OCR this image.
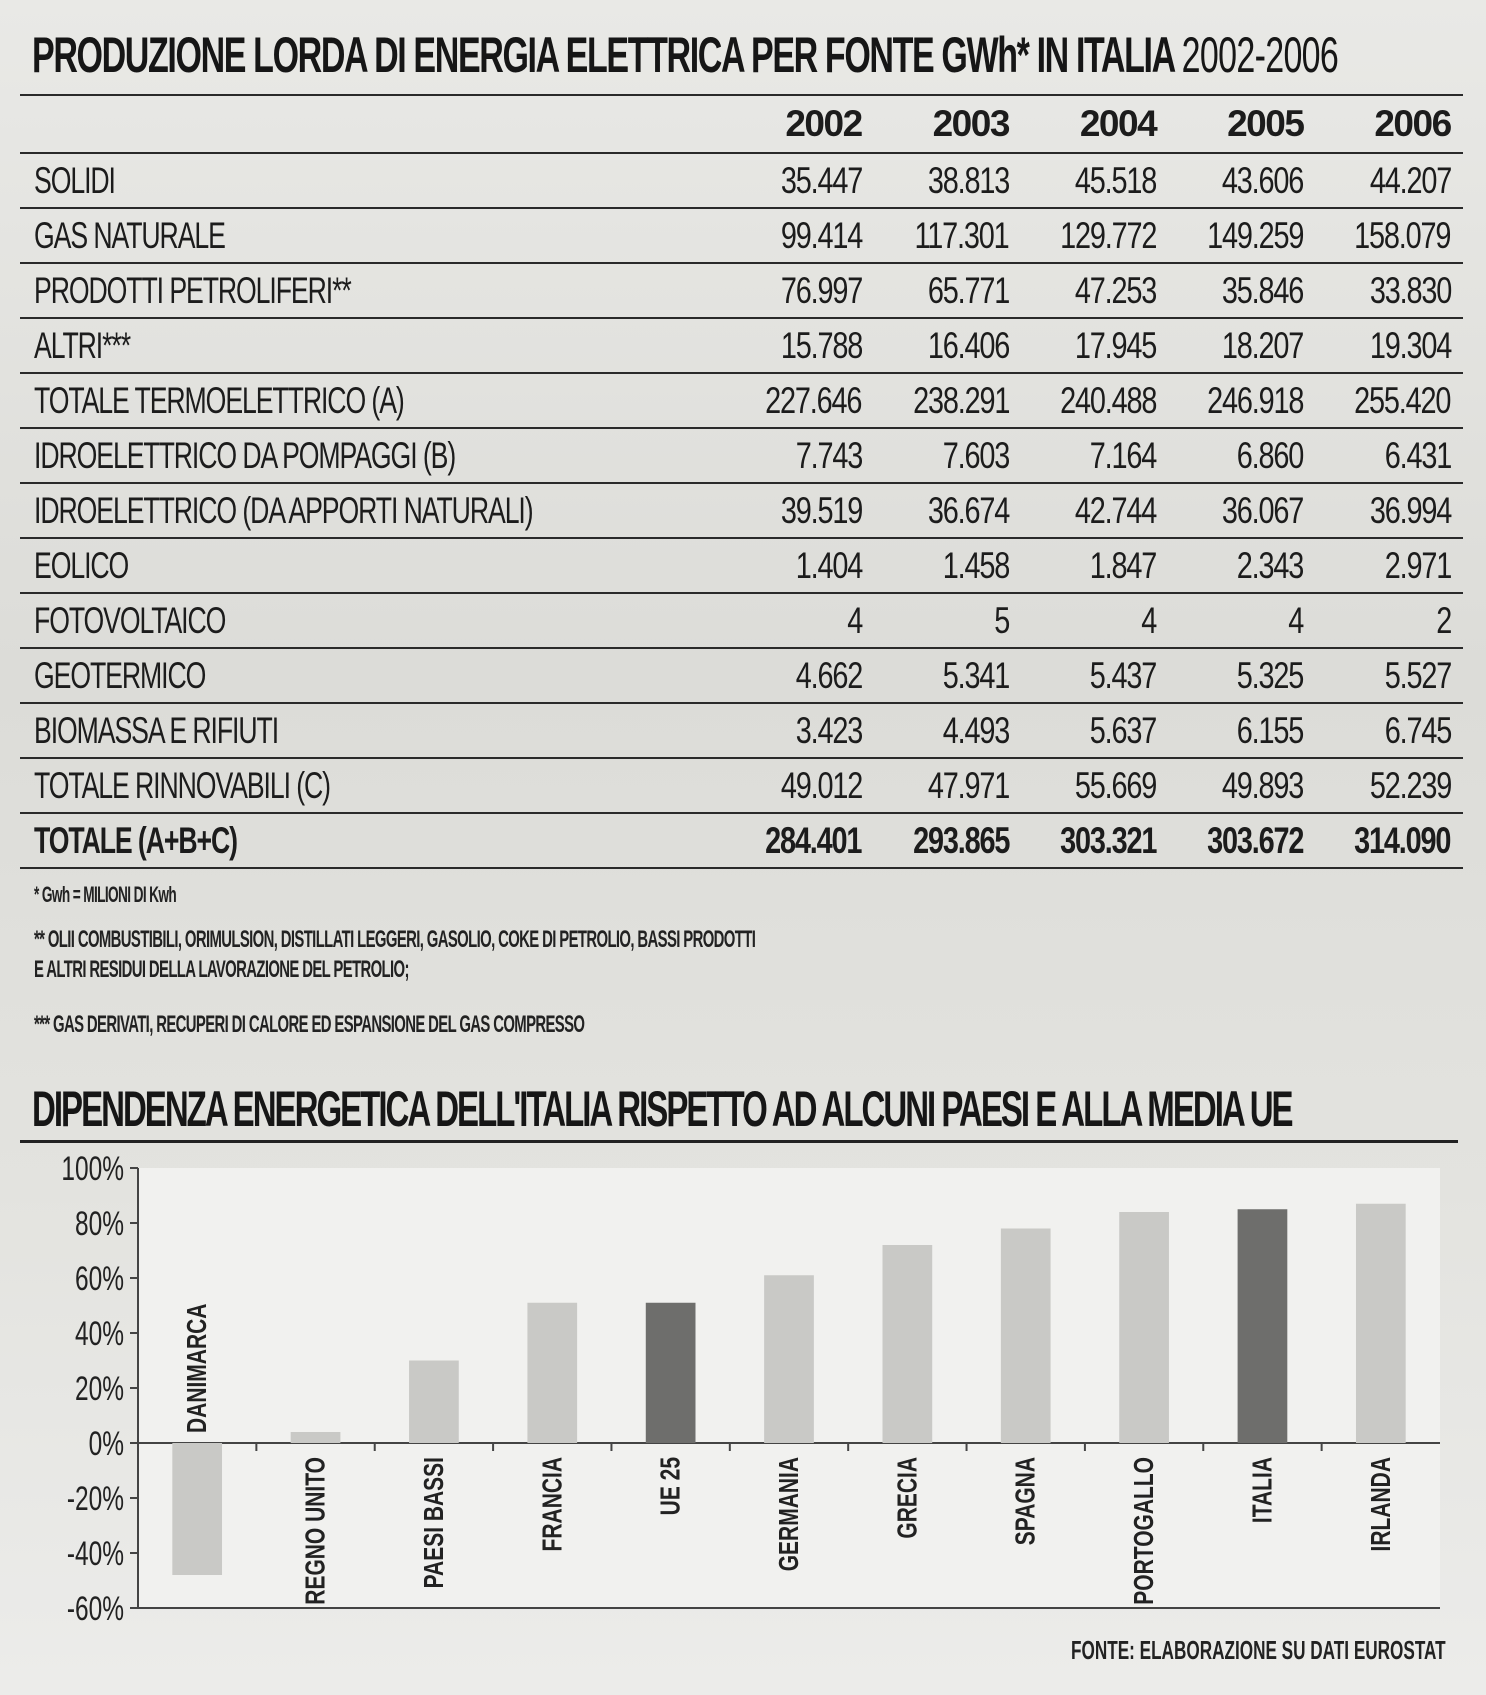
PRODUZIONE LORDA DI ENERGIA ELETTRICA PER FONTE GWh* IN ITALIA 2002-2006
	2002	2003	2004	2005	2006
SOLIDI	35.447	38.813	45.518	43.606	44.207
GAS NATURALE	99.414	117.301	129.772	149.259	158.079
PRODOTTI PETROLIFERI**	76.997	65.771	47.253	35.846	33.830
ALTRI***	15.788	16.406	17.945	18.207	19.304
TOTALE TERMOELETTRICO (A)	227.646	238.291	240.488	246.918	255.420
IDROELETTRICO DA POMPAGGI (B)	7.743	7.603	7.164	6.860	6.431
IDROELETTRICO (DA APPORTI NATURALI)	39.519	36.674	42.744	36.067	36.994
EOLICO	1.404	1.458	1.847	2.343	2.971
FOTOVOLTAICO	4	5	4	4	2
GEOTERMICO	4.662	5.341	5.437	5.325	5.527
BIOMASSA E RIFIUTI	3.423	4.493	5.637	6.155	6.745
TOTALE RINNOVABILI (C)	49.012	47.971	55.669	49.893	52.239
TOTALE (A+B+C)	284.401	293.865	303.321	303.672	314.090

* Gwh = MILIONI DI Kwh

** OLII COMBUSTIBILI, ORIMULSION, DISTILLATI LEGGERI, GASOLIO, COKE DI PETROLIO, BASSI PRODOTTI
E ALTRI RESIDUI DELLA LAVORAZIONE DEL PETROLIO;

*** GAS DERIVATI, RECUPERI DI CALORE ED ESPANSIONE DEL GAS COMPRESSO

DIPENDENZA ENERGETICA DELL'ITALIA RISPETTO AD ALCUNI PAESI E ALLA MEDIA UE
-60%
-40%
-20%
0%
20%
40%
60%
80%
100%
DANIMARCA
REGNO UNITO	PAESI BASSI	FRANCIA	UE 25	GERMANIA	GRECIA	SPAGNA	PORTOGALLO	ITALIA	IRLANDA

FONTE: ELABORAZIONE SU DATI EUROSTAT
